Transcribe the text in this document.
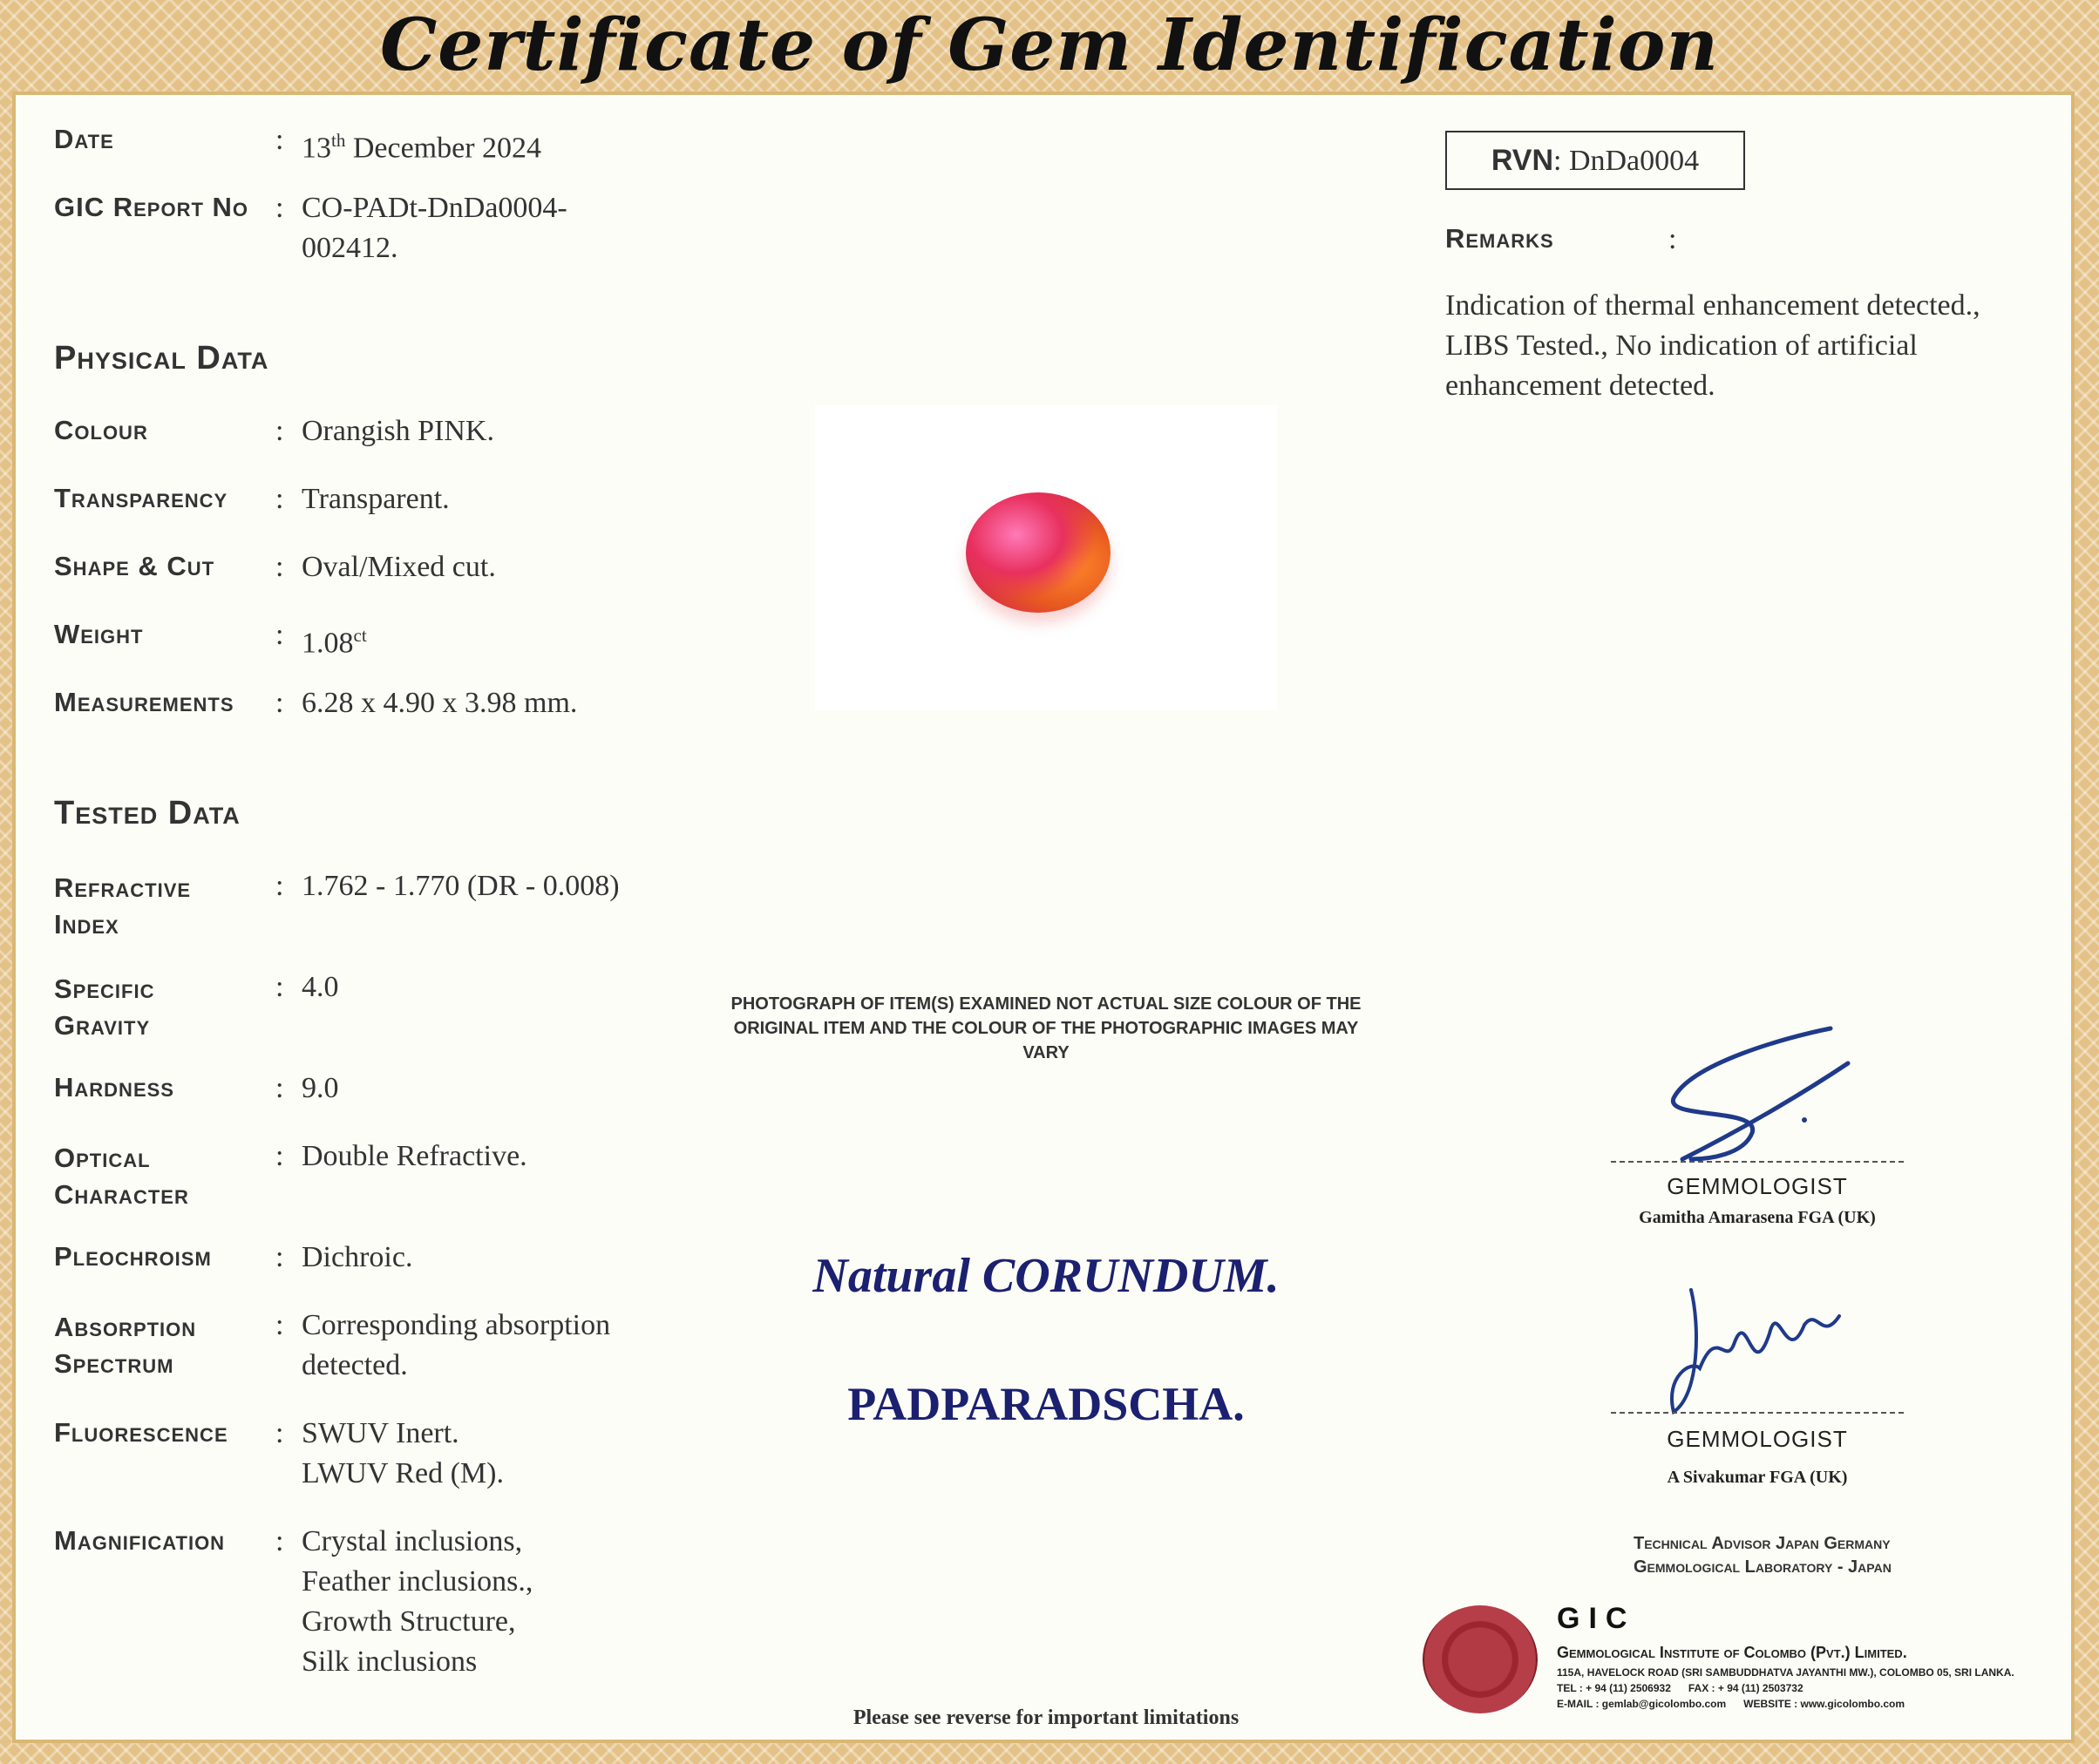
Certificate of Gem Identification
Date	: 13th December 2024
GIC Report No : CO-PADt-DnDa0004-
002412.
Physical Data
Colour	: Orangish PINK.
Transparency : Transparent.
Shape & Cut : Oval/Mixed cut.
Weight	: $1.08^{ct}$
Measurements : 6.28 x 4.90 x 3.98 mm.
Tested Data
Refractive
Index
: 1.762 - 1.770 (DR - 0.008)
Specific
Gravity
: 4.0
Hardness	: 9.0
Optical
Character
: Double Refractive.
Pleochroism : Dichroic.
Absorption
Spectrum
: Corresponding absorption
detected.
Fluorescence : SWUV Inert.
LWUV Red (M).
Magnification : Crystal inclusions,
Feather inclusions.,
Growth Structure,
Silk inclusions
PHOTOGRAPH OF ITEM(S) EXAMINED NOT ACTUAL SIZE COLOUR OF THE ORIGINAL ITEM AND THE COLOUR OF THE PHOTOGRAPHIC IMAGES MAY VARY
Natural CORUNDUM.
PADPARADSCHA.
RVN: DnDa0004
Remarks	:
Indication of thermal enhancement detected., LIBS Tested., No indication of artificial enhancement detected.
GEMMOLOGIST
Gamitha Amarasena FGA (UK)
GEMMOLOGIST
A Sivakumar FGA (UK)
Technical Advisor Japan Germany
Gemmological Laboratory - Japan
GIC
Gemmological Institute of Colombo (Pvt.) Limited.
115A, HAVELOCK ROAD (SRI SAMBUDDHATVA JAYANTHI MW.), COLOMBO 05, SRI LANKA.
TEL : + 94 (11) 2506932      FAX : + 94 (11) 2503732
E-MAIL : gemlab@gicolombo.com      WEBSITE : www.gicolombo.com
Please see reverse for important limitations
